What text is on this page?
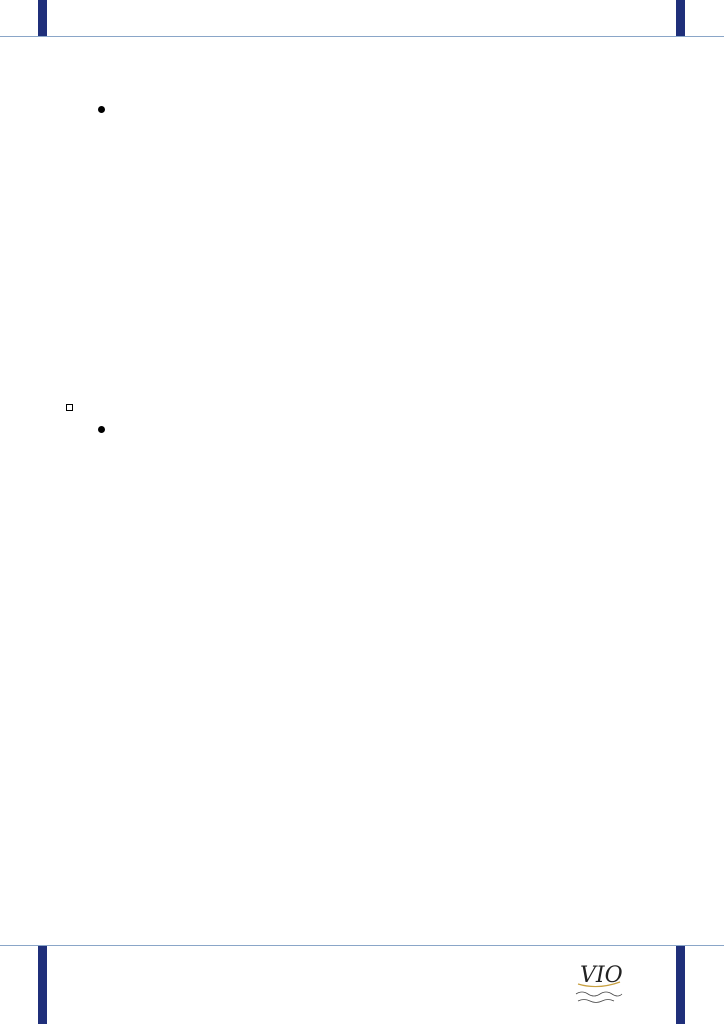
VIO
